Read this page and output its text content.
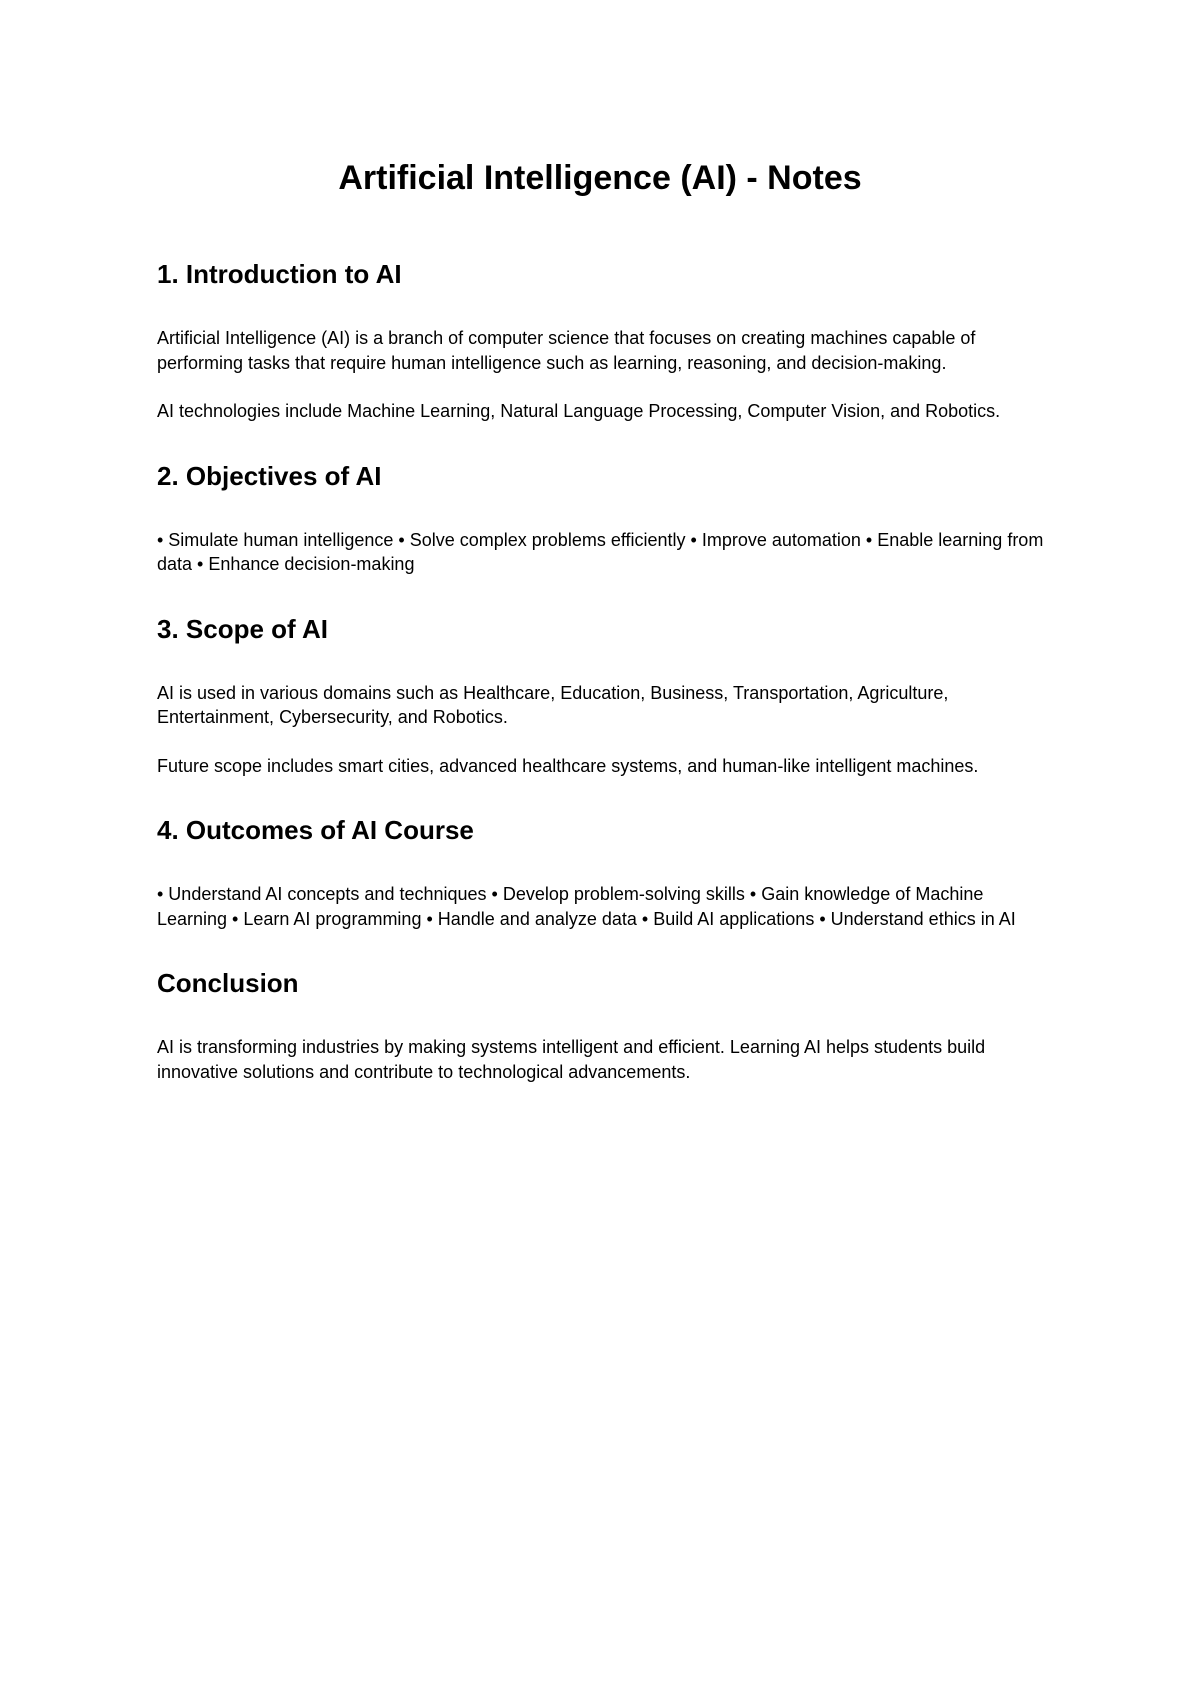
Artificial Intelligence (AI) - Notes
1. Introduction to AI

Artificial Intelligence (AI) is a branch of computer science that focuses on creating machines capable of performing tasks that require human intelligence such as learning, reasoning, and decision-making.

AI technologies include Machine Learning, Natural Language Processing, Computer Vision, and Robotics.

2. Objectives of AI

• Simulate human intelligence • Solve complex problems efficiently • Improve automation • Enable learning from data • Enhance decision-making

3. Scope of AI

AI is used in various domains such as Healthcare, Education, Business, Transportation, Agriculture, Entertainment, Cybersecurity, and Robotics.

Future scope includes smart cities, advanced healthcare systems, and human-like intelligent machines.

4. Outcomes of AI Course

• Understand AI concepts and techniques • Develop problem-solving skills • Gain knowledge of Machine Learning • Learn AI programming • Handle and analyze data • Build AI applications • Understand ethics in AI

Conclusion

AI is transforming industries by making systems intelligent and efficient. Learning AI helps students build innovative solutions and contribute to technological advancements.
